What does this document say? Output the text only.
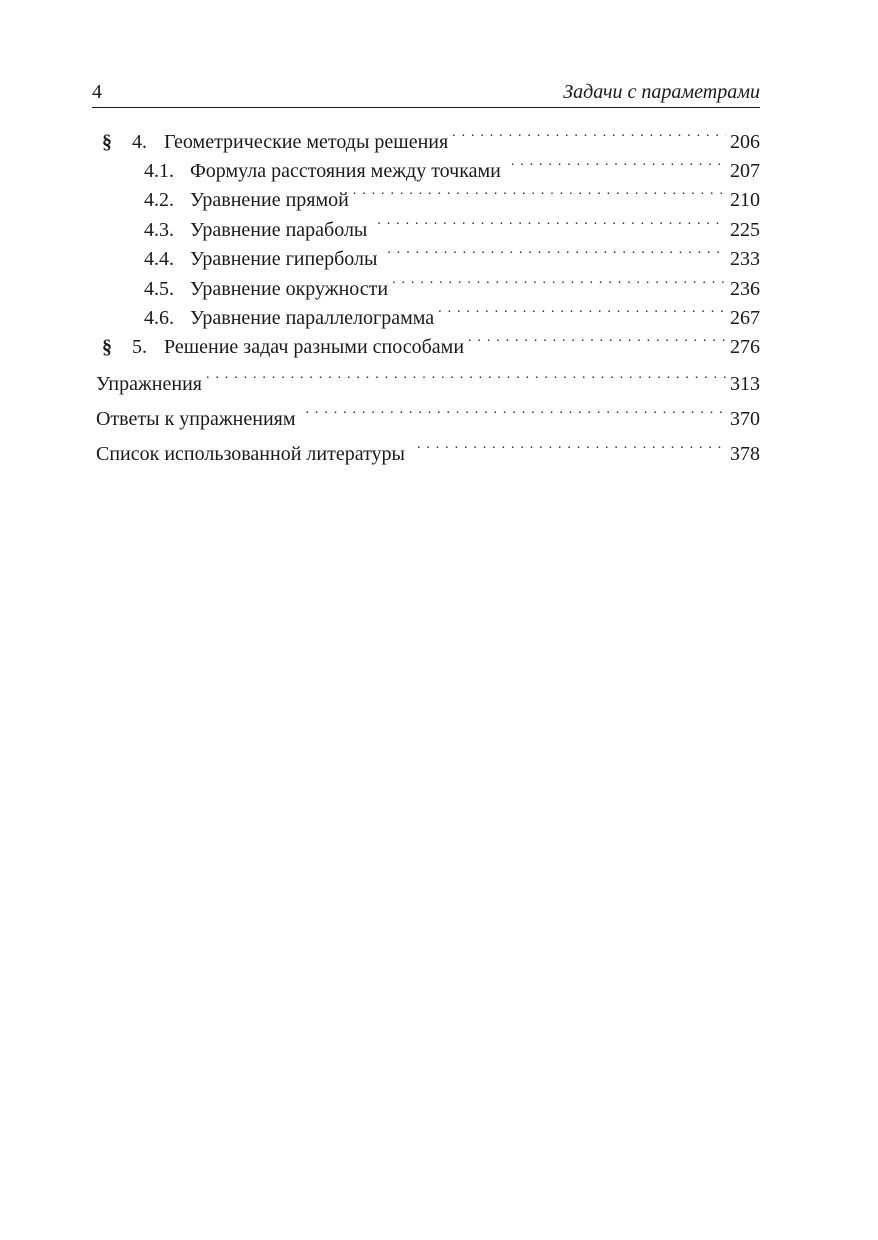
4	Задачи с параметрами
§	4. Геометрические методы решения . . .	206
4.1. Формула расстояния между точками . . .	207
4.2. Уравнение прямой . . .	210
4.3. Уравнение параболы . . .	225
4.4. Уравнение гиперболы . . .	233
4.5. Уравнение окружности . . .	236
4.6. Уравнение параллелограмма . . .	267
§	5. Решение задач разными способами . . .	276
Упражнения . . .	313
Ответы к упражнениям . . .	370
Список использованной литературы . . .	378
